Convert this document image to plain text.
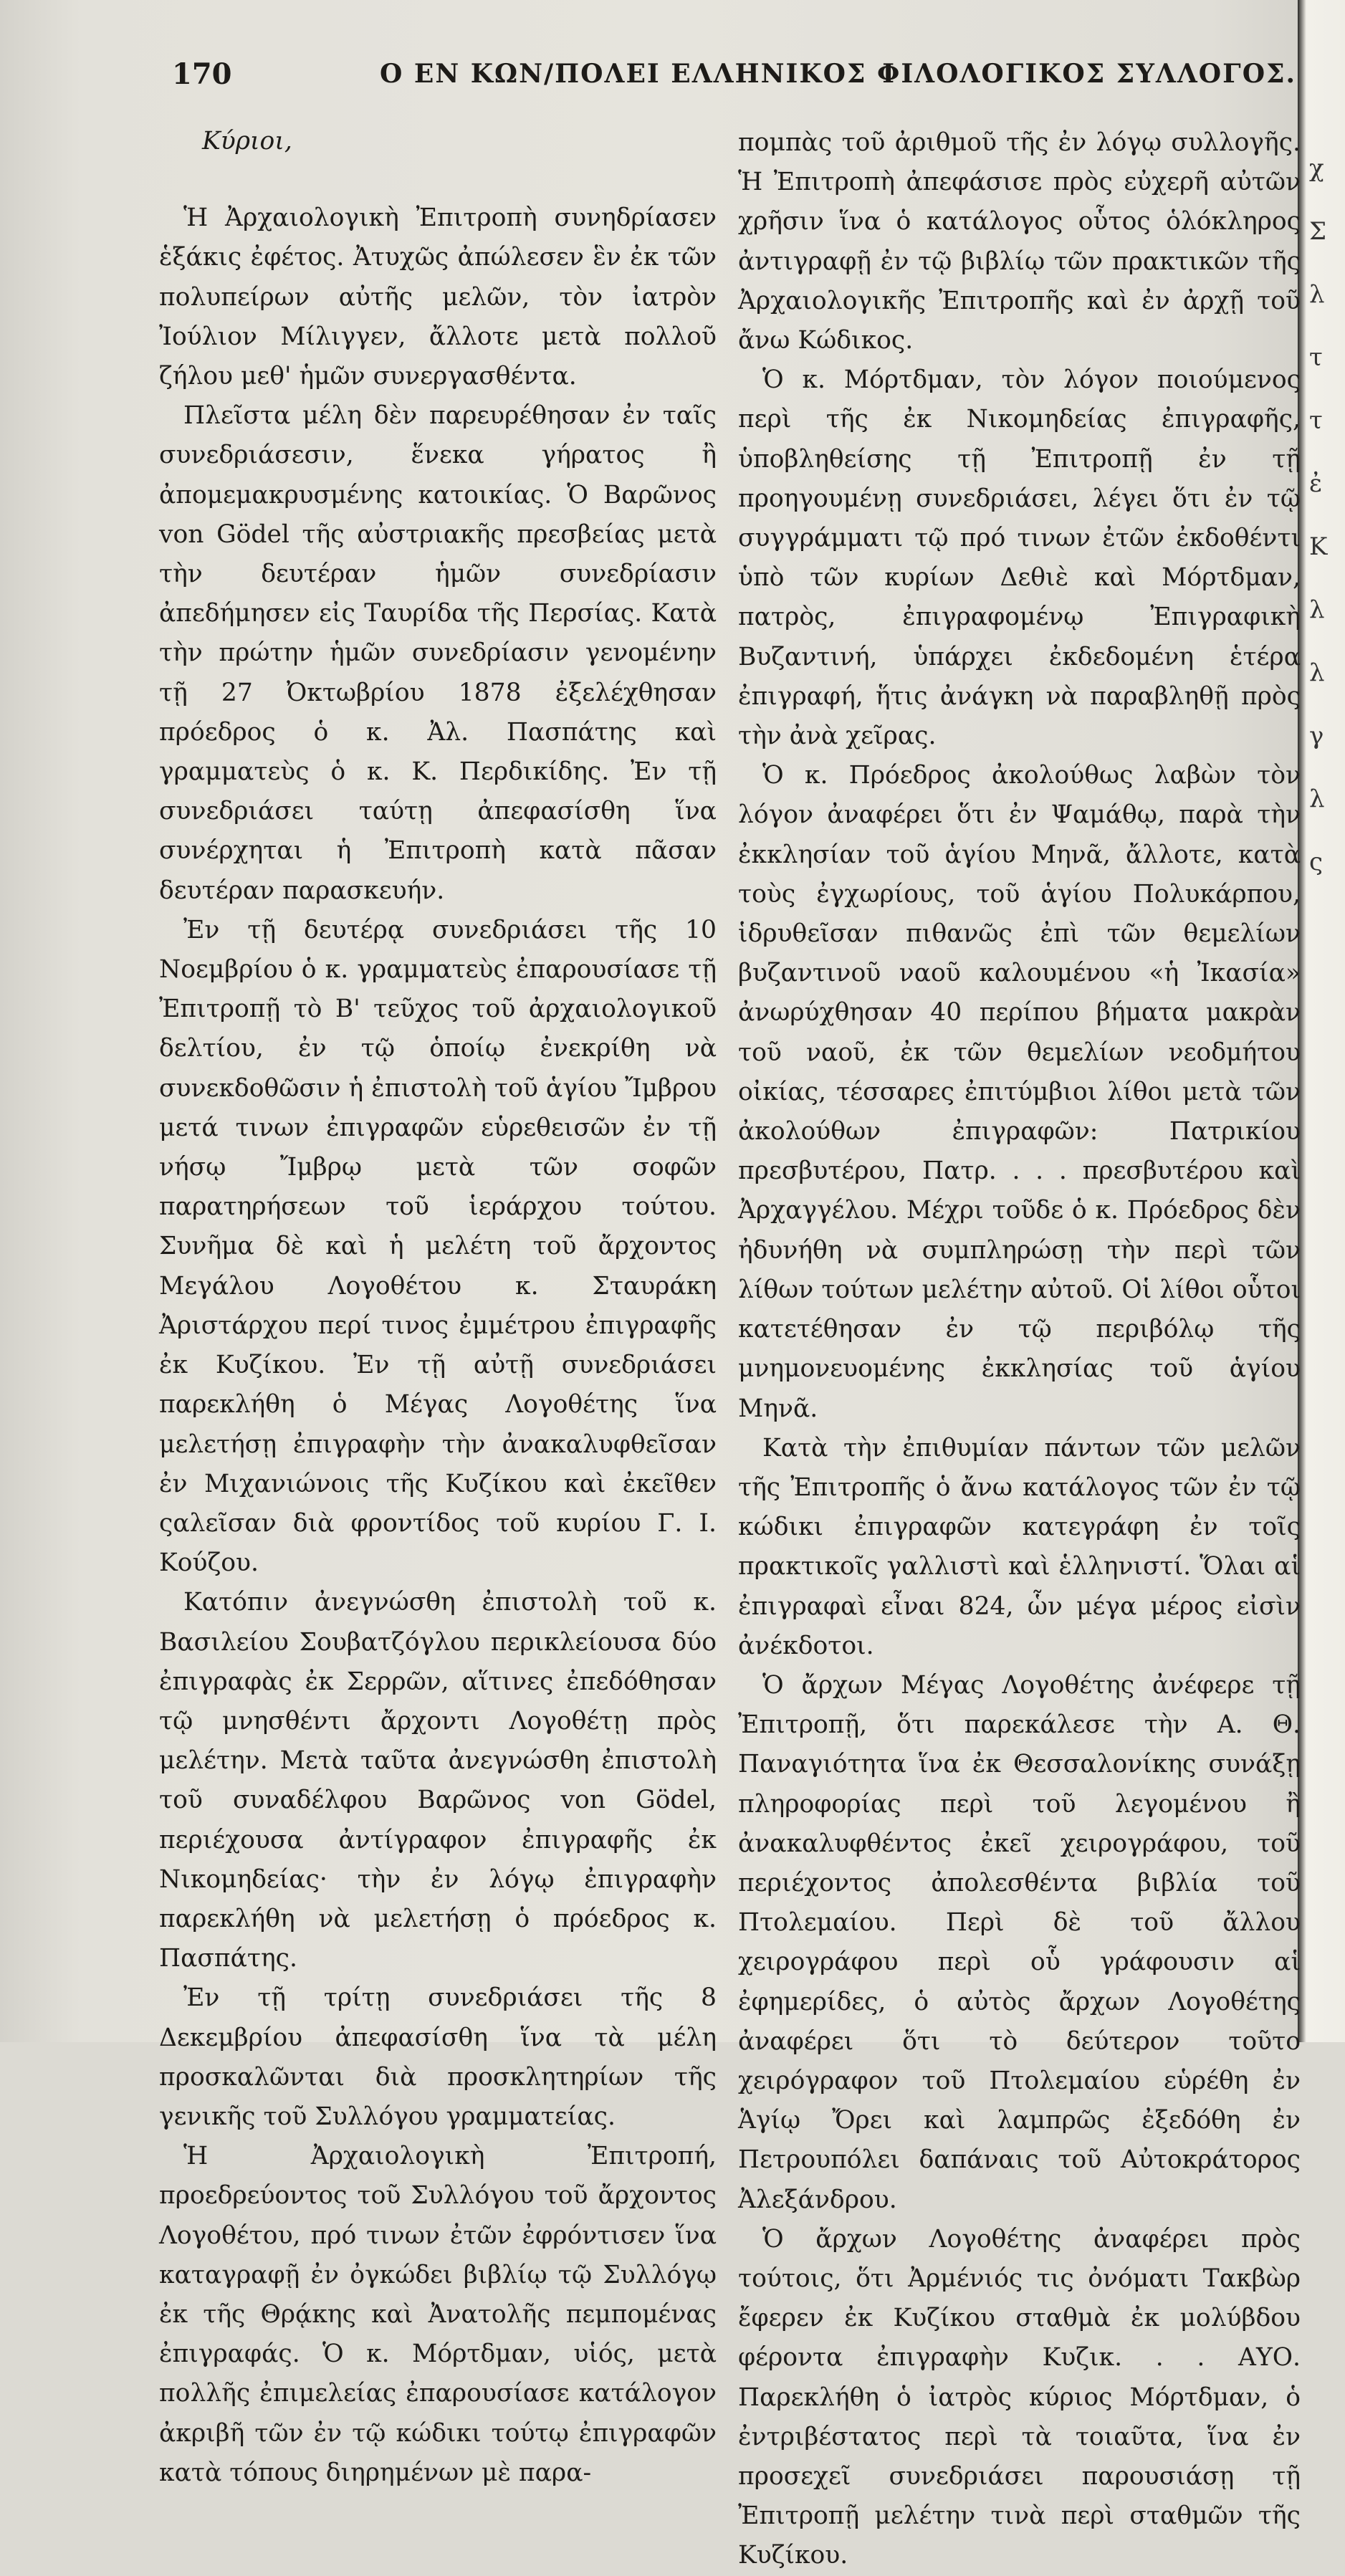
χ
Σ
λ
τ
τ
ἐ
Κ
λ
λ
γ
λ
ς
170	Ο ΕΝ ΚΩΝ/ΠΟΛΕΙ ΕΛΛΗΝΙΚΟΣ ΦΙΛΟΛΟΓΙΚΟΣ ΣΥΛΛΟΓΟΣ.

Κύριοι,

Ἡ Ἀρχαιολογικὴ Ἐπιτροπὴ συνηδρίασεν ἑξάκις ἐφέτος. Ἀτυχῶς ἀπώλεσεν ἓν ἐκ τῶν πολυπείρων αὐτῆς μελῶν, τὸν ἰατρὸν Ἰούλιον Μίλιγγεν, ἄλλοτε μετὰ πολλοῦ ζήλου μεθ' ἡμῶν συνεργασθέντα.

Πλεῖστα μέλη δὲν παρευρέθησαν ἐν ταῖς συνεδριάσεσιν, ἕνεκα γήρατος ἢ ἀπομεμακρυσμένης κατοικίας. Ὁ Βαρῶνος von Gödel τῆς αὐστριακῆς πρεσβείας μετὰ τὴν δευτέραν ἡμῶν συνεδρίασιν ἀπεδήμησεν εἰς Ταυρίδα τῆς Περσίας. Κατὰ τὴν πρώτην ἡμῶν συνεδρίασιν γενομένην τῇ 27 Ὀκτωβρίου 1878 ἐξελέχθησαν πρόεδρος ὁ κ. Ἀλ. Πασπάτης καὶ γραμματεὺς ὁ κ. Κ. Περδικίδης. Ἐν τῇ συνεδριάσει ταύτῃ ἀπεφασίσθη ἵνα συνέρχηται ἡ Ἐπιτροπὴ κατὰ πᾶσαν δευτέραν παρασκευήν.

Ἐν τῇ δευτέρᾳ συνεδριάσει τῆς 10 Νοεμβρίου ὁ κ. γραμματεὺς ἐπαρουσίασε τῇ Ἐπιτροπῇ τὸ Β' τεῦχος τοῦ ἀρχαιολογικοῦ δελτίου, ἐν τῷ ὁποίῳ ἐνεκρίθη νὰ συνεκδοθῶσιν ἡ ἐπιστολὴ τοῦ ἁγίου Ἴμβρου μετά τινων ἐπιγραφῶν εὑρεθεισῶν ἐν τῇ νήσῳ Ἴμβρῳ μετὰ τῶν σοφῶν παρατηρήσεων τοῦ ἱεράρχου τούτου. Συνῆμα δὲ καὶ ἡ μελέτη τοῦ ἄρχοντος Μεγάλου Λογοθέτου κ. Σταυράκη Ἀριστάρχου περί τινος ἐμμέτρου ἐπιγραφῆς ἐκ Κυζίκου. Ἐν τῇ αὐτῇ συνεδριάσει παρεκλήθη ὁ Μέγας Λογοθέτης ἵνα μελετήσῃ ἐπιγραφὴν τὴν ἀνακαλυφθεῖσαν ἐν Μιχανιώνοις τῆς Κυζίκου καὶ ἐκεῖθεν ςαλεῖσαν διὰ φροντίδος τοῦ κυρίου Γ. Ι. Κούζου.

Κατόπιν ἀνεγνώσθη ἐπιστολὴ τοῦ κ. Βασιλείου Σουβατζόγλου περικλείουσα δύο ἐπιγραφὰς ἐκ Σερρῶν, αἵτινες ἐπεδόθησαν τῷ μνησθέντι ἄρχοντι Λογοθέτῃ πρὸς μελέτην. Μετὰ ταῦτα ἀνεγνώσθη ἐπιστολὴ τοῦ συναδέλφου Βαρῶνος von Gödel, περιέχουσα ἀντίγραφον ἐπιγραφῆς ἐκ Νικομηδείας· τὴν ἐν λόγῳ ἐπιγραφὴν παρεκλήθη νὰ μελετήσῃ ὁ πρόεδρος κ. Πασπάτης.

Ἐν τῇ τρίτῃ συνεδριάσει τῆς 8 Δεκεμβρίου ἀπεφασίσθη ἵνα τὰ μέλη προσκαλῶνται διὰ προσκλητηρίων τῆς γενικῆς τοῦ Συλλόγου γραμματείας.

Ἡ Ἀρχαιολογικὴ Ἐπιτροπή, προεδρεύοντος τοῦ Συλλόγου τοῦ ἄρχοντος Λογοθέτου, πρό τινων ἐτῶν ἐφρόντισεν ἵνα καταγραφῇ ἐν ὀγκώδει βιβλίῳ τῷ Συλλόγῳ ἐκ τῆς Θρᾴκης καὶ Ἀνατολῆς πεμπομένας ἐπιγραφάς. Ὁ κ. Μόρτδμαν, υἱός, μετὰ πολλῆς ἐπιμελείας ἐπαρουσίασε κατάλογον ἀκριβῆ τῶν ἐν τῷ κώδικι τούτῳ ἐπιγραφῶν κατὰ τόπους διηρημένων μὲ παρα-

πομπὰς τοῦ ἀριθμοῦ τῆς ἐν λόγῳ συλλογῆς. Ἡ Ἐπιτροπὴ ἀπεφάσισε πρὸς εὐχερῆ αὐτῶν χρῆσιν ἵνα ὁ κατάλογος οὗτος ὁλόκληρος ἀντιγραφῇ ἐν τῷ βιβλίῳ τῶν πρακτικῶν τῆς Ἀρχαιολογικῆς Ἐπιτροπῆς καὶ ἐν ἀρχῇ τοῦ ἄνω Κώδικος.

Ὁ κ. Μόρτδμαν, τὸν λόγον ποιούμενος περὶ τῆς ἐκ Νικομηδείας ἐπιγραφῆς, ὑποβληθείσης τῇ Ἐπιτροπῇ ἐν τῇ προηγουμένῃ συνεδριάσει, λέγει ὅτι ἐν τῷ συγγράμματι τῷ πρό τινων ἐτῶν ἐκδοθέντι ὑπὸ τῶν κυρίων Δεθιὲ καὶ Μόρτδμαν, πατρὸς, ἐπιγραφομένῳ Ἐπιγραφικὴ Βυζαντινή, ὑπάρχει ἐκδεδομένη ἑτέρα ἐπιγραφή, ἥτις ἀνάγκη νὰ παραβληθῇ πρὸς τὴν ἀνὰ χεῖρας.

Ὁ κ. Πρόεδρος ἀκολούθως λαβὼν τὸν λόγον ἀναφέρει ὅτι ἐν Ψαμάθῳ, παρὰ τὴν ἐκκλησίαν τοῦ ἁγίου Μηνᾶ, ἄλλοτε, κατὰ τοὺς ἐγχωρίους, τοῦ ἁγίου Πολυκάρπου, ἱδρυθεῖσαν πιθανῶς ἐπὶ τῶν θεμελίων βυζαντινοῦ ναοῦ καλουμένου «ἡ Ἰκασία» ἀνωρύχθησαν 40 περίπου βήματα μακρὰν τοῦ ναοῦ, ἐκ τῶν θεμελίων νεοδμήτου οἰκίας, τέσσαρες ἐπιτύμβιοι λίθοι μετὰ τῶν ἀκολούθων ἐπιγραφῶν: Πατρικίου πρεσβυτέρου, Πατρ. . . . πρεσβυτέρου καὶ Ἀρχαγγέλου. Μέχρι τοῦδε ὁ κ. Πρόεδρος δὲν ἠδυνήθη νὰ συμπληρώσῃ τὴν περὶ τῶν λίθων τούτων μελέτην αὐτοῦ. Οἱ λίθοι οὗτοι κατετέθησαν ἐν τῷ περιβόλῳ τῆς μνημονευομένης ἐκκλησίας τοῦ ἁγίου Μηνᾶ.

Κατὰ τὴν ἐπιθυμίαν πάντων τῶν μελῶν τῆς Ἐπιτροπῆς ὁ ἄνω κατάλογος τῶν ἐν τῷ κώδικι ἐπιγραφῶν κατεγράφη ἐν τοῖς πρακτικοῖς γαλλιστὶ καὶ ἑλληνιστί. Ὅλαι αἱ ἐπιγραφαὶ εἶναι 824, ὧν μέγα μέρος εἰσὶν ἀνέκδοτοι.

Ὁ ἄρχων Μέγας Λογοθέτης ἀνέφερε τῇ Ἐπιτροπῇ, ὅτι παρεκάλεσε τὴν Α. Θ. Παναγιότητα ἵνα ἐκ Θεσσαλονίκης συνάξῃ πληροφορίας περὶ τοῦ λεγομένου ἢ ἀνακαλυφθέντος ἐκεῖ χειρογράφου, τοῦ περιέχοντος ἀπολεσθέντα βιβλία τοῦ Πτολεμαίου. Περὶ δὲ τοῦ ἄλλου χειρογράφου περὶ οὗ γράφουσιν αἱ ἐφημερίδες, ὁ αὐτὸς ἄρχων Λογοθέτης ἀναφέρει ὅτι τὸ δεύτερον τοῦτο χειρόγραφον τοῦ Πτολεμαίου εὑρέθη ἐν Ἁγίῳ Ὄρει καὶ λαμπρῶς ἐξεδόθη ἐν Πετρουπόλει δαπάναις τοῦ Αὐτοκράτορος Ἀλεξάνδρου.

Ὁ ἄρχων Λογοθέτης ἀναφέρει πρὸς τούτοις, ὅτι Ἀρμένιός τις ὀνόματι Τακβὼρ ἔφερεν ἐκ Κυζίκου σταθμὰ ἐκ μολύβδου φέροντα ἐπιγραφὴν Κυζικ. . . ΑΥΟ. Παρεκλήθη ὁ ἰατρὸς κύριος Μόρτδμαν, ὁ ἐντριβέστατος περὶ τὰ τοιαῦτα, ἵνα ἐν προσεχεῖ συνεδριάσει παρουσιάσῃ τῇ Ἐπιτροπῇ μελέτην τινὰ περὶ σταθμῶν τῆς Κυζίκου.
